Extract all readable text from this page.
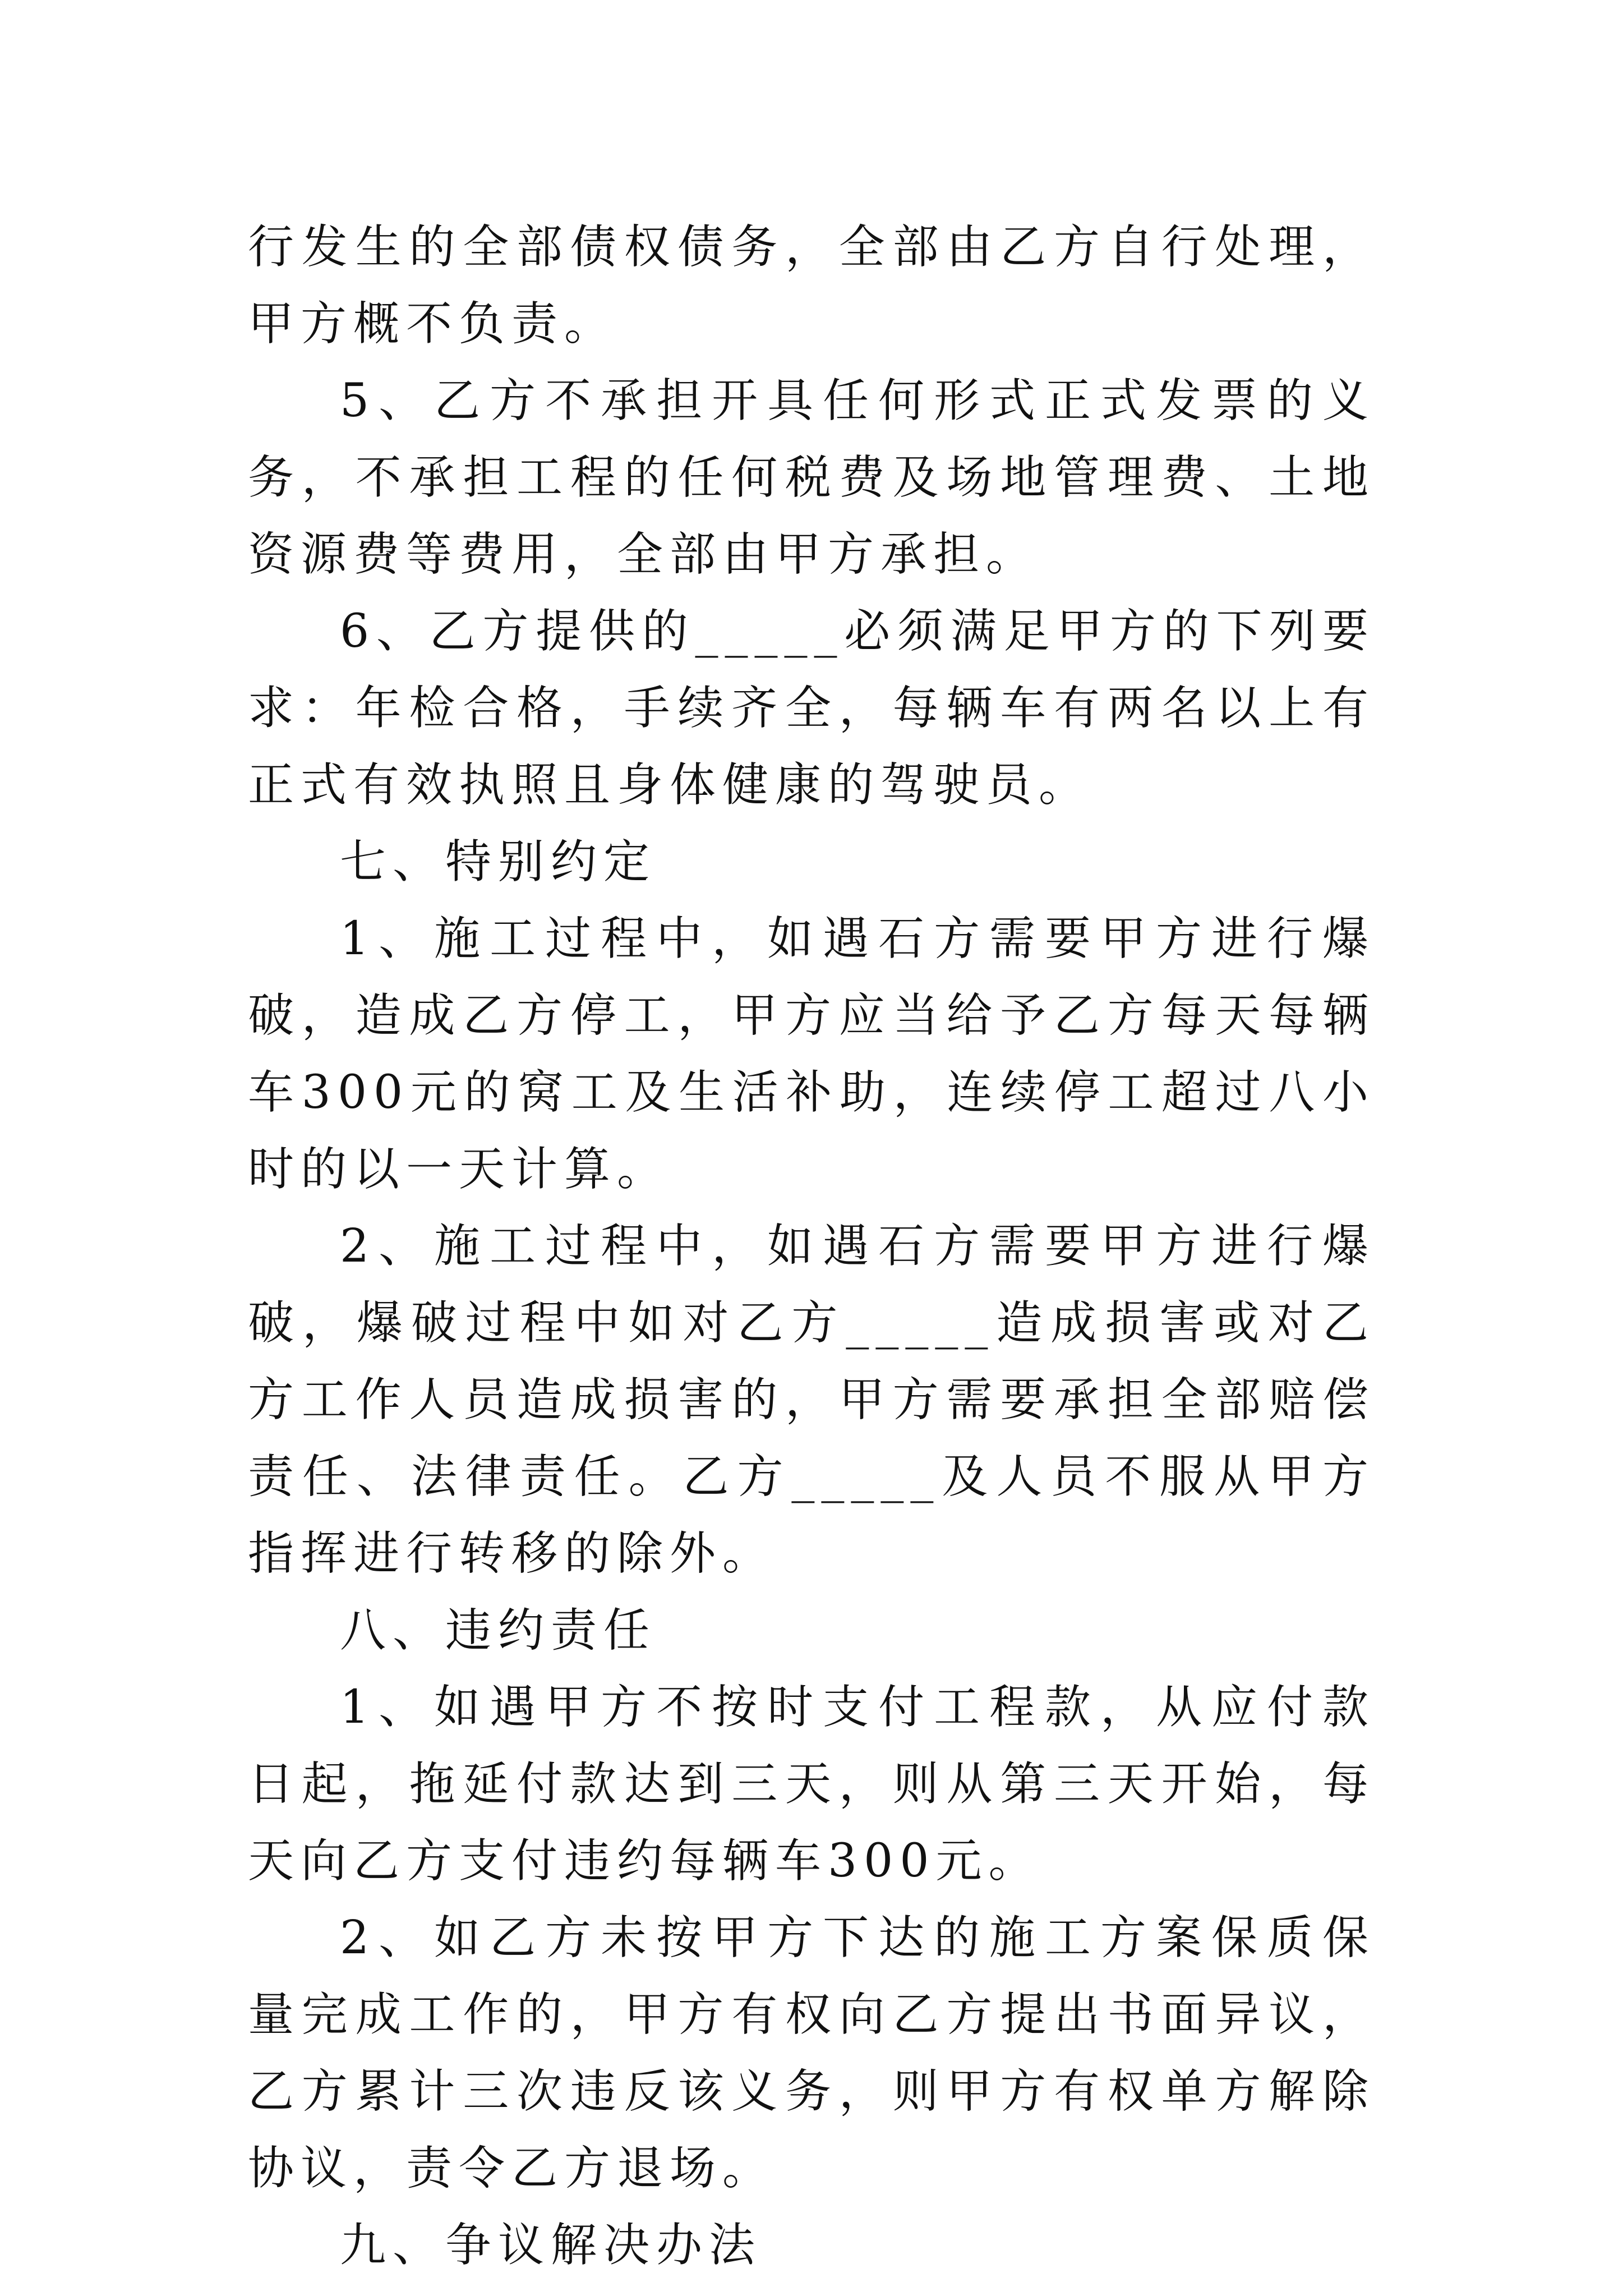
行发生的全部债权债务，全部由乙方自行处理，甲方概不负责。

5、乙方不承担开具任何形式正式发票的义务，不承担工程的任何税费及场地管理费、土地资源费等费用，全部由甲方承担。

6、乙方提供的_____必须满足甲方的下列要求：年检合格，手续齐全，每辆车有两名以上有正式有效执照且身体健康的驾驶员。

七、特别约定

1、施工过程中，如遇石方需要甲方进行爆破，造成乙方停工，甲方应当给予乙方每天每辆车300元的窝工及生活补助，连续停工超过八小时的以一天计算。

2、施工过程中，如遇石方需要甲方进行爆破，爆破过程中如对乙方_____造成损害或对乙方工作人员造成损害的，甲方需要承担全部赔偿责任、法律责任。乙方_____及人员不服从甲方指挥进行转移的除外。

八、违约责任

1、如遇甲方不按时支付工程款，从应付款日起，拖延付款达到三天，则从第三天开始，每天向乙方支付违约每辆车300元。

2、如乙方未按甲方下达的施工方案保质保量完成工作的，甲方有权向乙方提出书面异议，乙方累计三次违反该义务，则甲方有权单方解除协议，责令乙方退场。

九、争议解决办法
